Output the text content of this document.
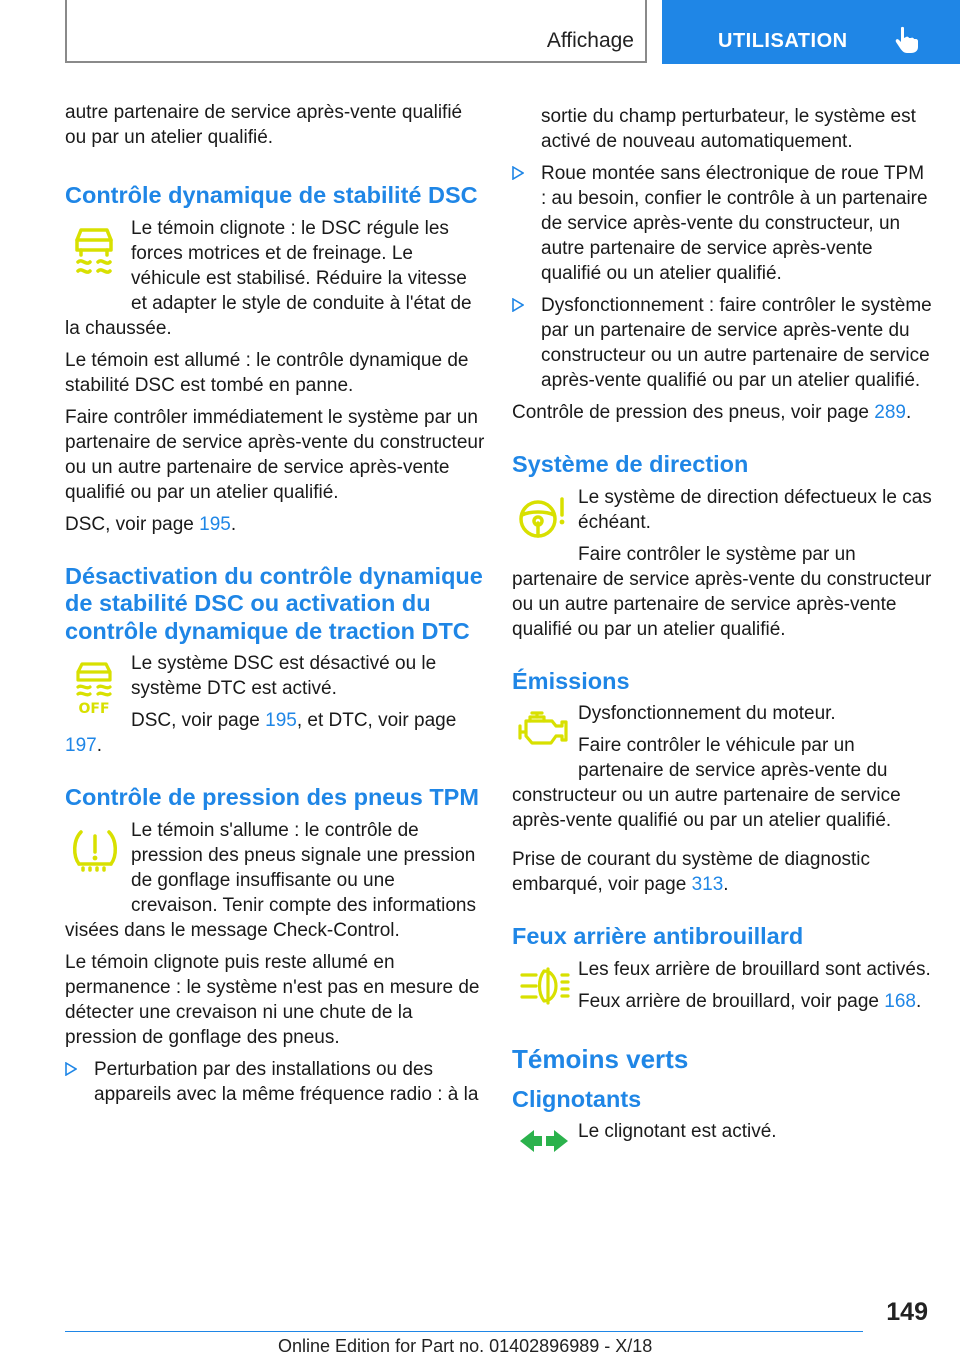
Affichage	UTILISATION

autre partenaire de service après-vente qualifié ou par un atelier qualifié.

Contrôle dynamique de stabilité DSC

Le témoin clignote : le DSC régule les forces motrices et de freinage. Le véhicule est stabilisé. Réduire la vitesse et adapter le style de conduite à l'état de la chaussée.

Le témoin est allumé : le contrôle dynamique de stabilité DSC est tombé en panne.

Faire contrôler immédiatement le système par un partenaire de service après-vente du constructeur ou un autre partenaire de service après-vente qualifié ou par un atelier qualifié.

DSC, voir page 195.

Désactivation du contrôle dynamique de stabilité DSC ou activation du contrôle dynamique de traction DTC
OFF

Le système DSC est désactivé ou le système DTC est activé.

DSC, voir page 195, et DTC, voir page 197.

Contrôle de pression des pneus TPM

Le témoin s'allume : le contrôle de pression des pneus signale une pression de gonflage insuffisante ou une crevaison. Tenir compte des informations visées dans le message Check-Control.

Le témoin clignote puis reste allumé en permanence : le système n'est pas en mesure de détecter une crevaison ni une chute de la pression de gonflage des pneus.

Perturbation par des installations ou des appareils avec la même fréquence radio : à la

sortie du champ perturbateur, le système est activé de nouveau automatiquement.

Roue montée sans électronique de roue TPM : au besoin, confier le contrôle à un partenaire de service après-vente du constructeur, un autre partenaire de service après-vente qualifié ou un atelier qualifié.
Dysfonctionnement : faire contrôler le système par un partenaire de service après-vente du constructeur ou un autre partenaire de service après-vente qualifié ou par un atelier qualifié.

Contrôle de pression des pneus, voir page 289.

Système de direction

Le système de direction défectueux le cas échéant.

Faire contrôler le système par un partenaire de service après-vente du constructeur ou un autre partenaire de service après-vente qualifié ou par un atelier qualifié.

Émissions

Dysfonctionnement du moteur.

Faire contrôler le véhicule par un partenaire de service après-vente du constructeur ou un autre partenaire de service après-vente qualifié ou par un atelier qualifié.

Prise de courant du système de diagnostic embarqué, voir page 313.

Feux arrière antibrouillard

Les feux arrière de brouillard sont activés.

Feux arrière de brouillard, voir page 168.

Témoins verts
Clignotants

Le clignotant est activé.

149
Online Edition for Part no. 01402896989 - X/18
